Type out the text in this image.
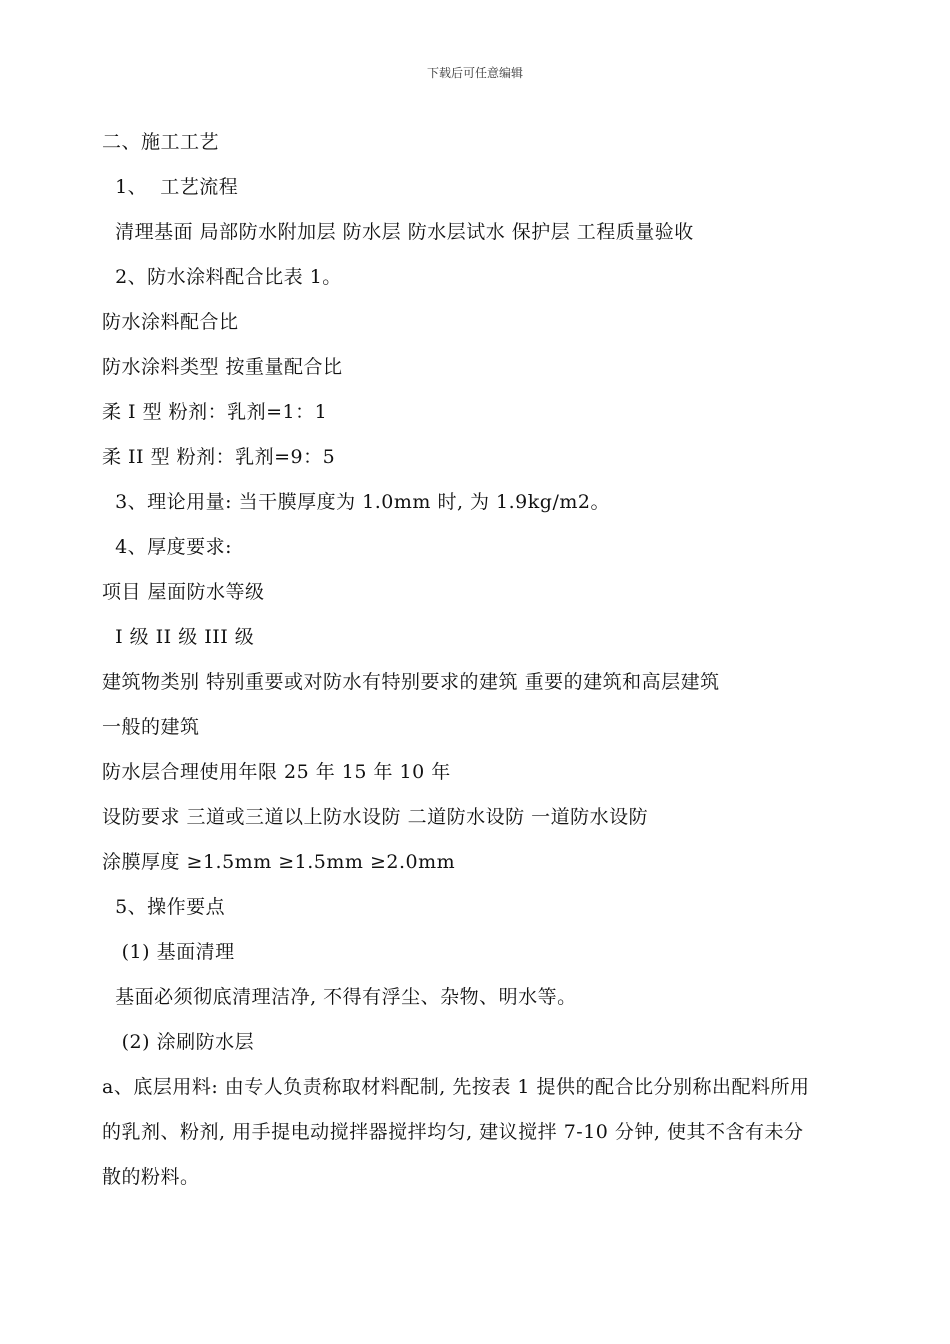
下载后可任意编辑
二、施工工艺
1、  工艺流程
清理基面 局部防水附加层 防水层 防水层试水 保护层 工程质量验收
2、防水涂料配合比表 1。
防水涂料配合比
防水涂料类型 按重量配合比
柔 I 型 粉剂：乳剂=1：1
柔 II 型 粉剂：乳剂=9：5
3、理论用量: 当干膜厚度为 1.0mm 时, 为 1.9kg/m2。
4、厚度要求:
项目 屋面防水等级
I 级 II 级 III 级
建筑物类别 特别重要或对防水有特别要求的建筑 重要的建筑和高层建筑
一般的建筑
防水层合理使用年限 25 年 15 年 10 年
设防要求 三道或三道以上防水设防 二道防水设防 一道防水设防
涂膜厚度 ≥1.5mm ≥1.5mm ≥2.0mm
5、操作要点
(1) 基面清理
基面必须彻底清理洁净, 不得有浮尘、杂物、明水等。
(2) 涂刷防水层
a、底层用料: 由专人负责称取材料配制, 先按表 1 提供的配合比分别称出配料所用的乳剂、粉剂, 用手提电动搅拌器搅拌均匀, 建议搅拌 7-10 分钟, 使其不含有未分散的粉料。
